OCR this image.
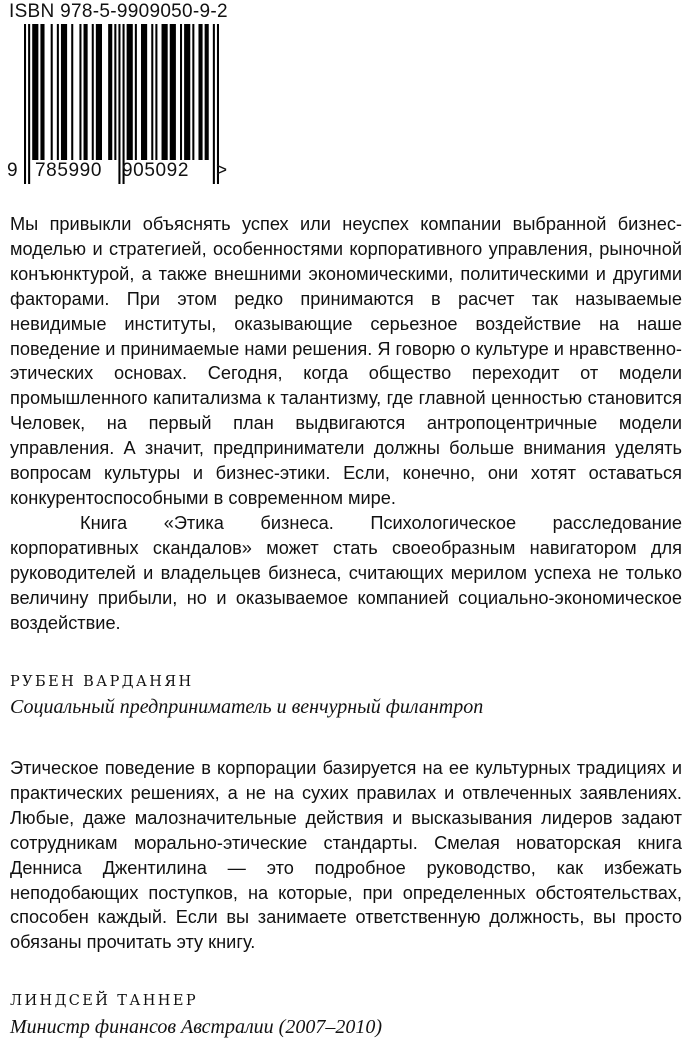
ISBN 978-5-9909050-9-2
9 785990 905092 >

Мы привыкли объяснять успех или неуспех компании выбранной бизнес-моделью и стратегией, особенностями корпоративного управления, рыночной конъюнктурой, а также внешними экономическими, политическими и другими факторами. При этом редко принимаются в расчет так называемые невидимые институты, оказывающие серьезное воздействие на наше поведение и принимаемые нами решения. Я говорю о культуре и нравственно-этических основах. Сегодня, когда общество переходит от модели промышленного капитализма к талантизму, где главной ценностью становится Человек, на первый план выдвигаются антропоцентричные модели управления. А значит, предприниматели должны больше внимания уделять вопросам культуры и бизнес-этики. Если, конечно, они хотят оставаться конкурентоспособными в современном мире.

Книга «Этика бизнеса. Психологическое расследование корпоративных скандалов» может стать своеобразным навигатором для руководителей и владельцев бизнеса, считающих мерилом успеха не только величину прибыли, но и оказываемое компанией социально-экономическое воздействие.

РУБЕН ВАРДАНЯН
Социальный предприниматель и венчурный филантроп

Этическое поведение в корпорации базируется на ее культурных традициях и практических решениях, а не на сухих правилах и отвлеченных заявлениях. Любые, даже малозначительные действия и высказывания лидеров задают сотрудникам морально-этические стандарты. Смелая новаторская книга Денниса Джентилина — это подробное руководство, как избежать неподобающих поступков, на которые, при определенных обстоятельствах, способен каждый. Если вы занимаете ответственную должность, вы просто обязаны прочитать эту книгу.

ЛИНДСЕЙ ТАННЕР
Министр финансов Австралии (2007–2010)
